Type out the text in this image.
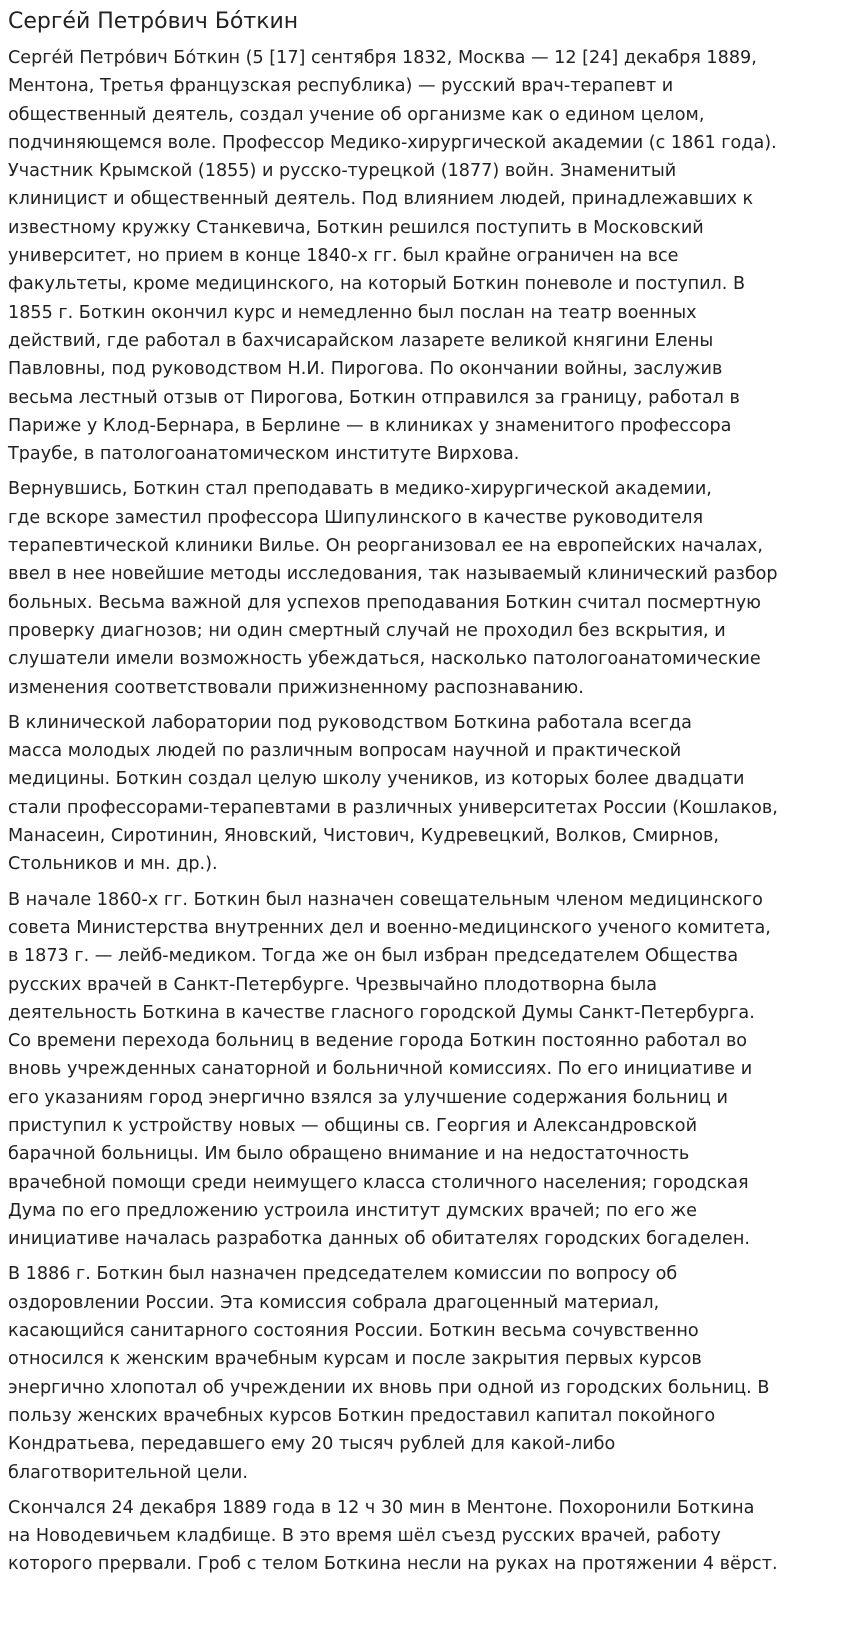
Серге́й Петро́вич Бо́ткин

Серге́й Петро́вич Бо́ткин (5 [17] сентября 1832, Москва — 12 [24] декабря 1889,
Ментона, Третья французская республика) — русский врач-терапевт и
общественный деятель, создал учение об организме как о едином целом,
подчиняющемся воле. Профессор Медико-хирургической академии (с 1861 года).
Участник Крымской (1855) и русско-турецкой (1877) войн. Знаменитый
клиницист и общественный деятель. Под влиянием людей, принадлежавших к
известному кружку Станкевича, Боткин решился поступить в Московский
университет, но прием в конце 1840-х гг. был крайне ограничен на все
факультеты, кроме медицинского, на который Боткин поневоле и поступил. В
1855 г. Боткин окончил курс и немедленно был послан на театр военных
действий, где работал в бахчисарайском лазарете великой княгини Елены
Павловны, под руководством Н.И. Пирогова. По окончании войны, заслужив
весьма лестный отзыв от Пирогова, Боткин отправился за границу, работал в
Париже у Клод-Бернара, в Берлине — в клиниках у знаменитого профессора
Траубе, в патологоанатомическом институте Вирхова.

Вернувшись, Боткин стал преподавать в медико-хирургической академии,
где вскоре заместил профессора Шипулинского в качестве руководителя
терапевтической клиники Вилье. Он реорганизовал ее на европейских началах,
ввел в нее новейшие методы исследования, так называемый клинический разбор
больных. Весьма важной для успехов преподавания Боткин считал посмертную
проверку диагнозов; ни один смертный случай не проходил без вскрытия, и
слушатели имели возможность убеждаться, насколько патологоанатомические
изменения соответствовали прижизненному распознаванию.

В клинической лаборатории под руководством Боткина работала всегда
масса молодых людей по различным вопросам научной и практической
медицины. Боткин создал целую школу учеников, из которых более двадцати
стали профессорами-терапевтами в различных университетах России (Кошлаков,
Манасеин, Сиротинин, Яновский, Чистович, Кудревецкий, Волков, Смирнов,
Стольников и мн. др.).

В начале 1860-х гг. Боткин был назначен совещательным членом медицинского
совета Министерства внутренних дел и военно-медицинского ученого комитета,
в 1873 г. — лейб-медиком. Тогда же он был избран председателем Общества
русских врачей в Санкт-Петербурге. Чрезвычайно плодотворна была
деятельность Боткина в качестве гласного городской Думы Санкт-Петербурга.
Со времени перехода больниц в ведение города Боткин постоянно работал во
вновь учрежденных санаторной и больничной комиссиях. По его инициативе и
его указаниям город энергично взялся за улучшение содержания больниц и
приступил к устройству новых — общины св. Георгия и Александровской
барачной больницы. Им было обращено внимание и на недостаточность
врачебной помощи среди неимущего класса столичного населения; городская
Дума по его предложению устроила институт думских врачей; по его же
инициативе началась разработка данных об обитателях городских богаделен.

В 1886 г. Боткин был назначен председателем комиссии по вопросу об
оздоровлении России. Эта комиссия собрала драгоценный материал,
касающийся санитарного состояния России. Боткин весьма сочувственно
относился к женским врачебным курсам и после закрытия первых курсов
энергично хлопотал об учреждении их вновь при одной из городских больниц. В
пользу женских врачебных курсов Боткин предоставил капитал покойного
Кондратьева, передавшего ему 20 тысяч рублей для какой-либо
благотворительной цели.

Скончался 24 декабря 1889 года в 12 ч 30 мин в Ментоне. Похоронили Боткина
на Новодевичьем кладбище. В это время шёл съезд русских врачей, работу
которого прервали. Гроб с телом Боткина несли на руках на протяжении 4 вёрст.
